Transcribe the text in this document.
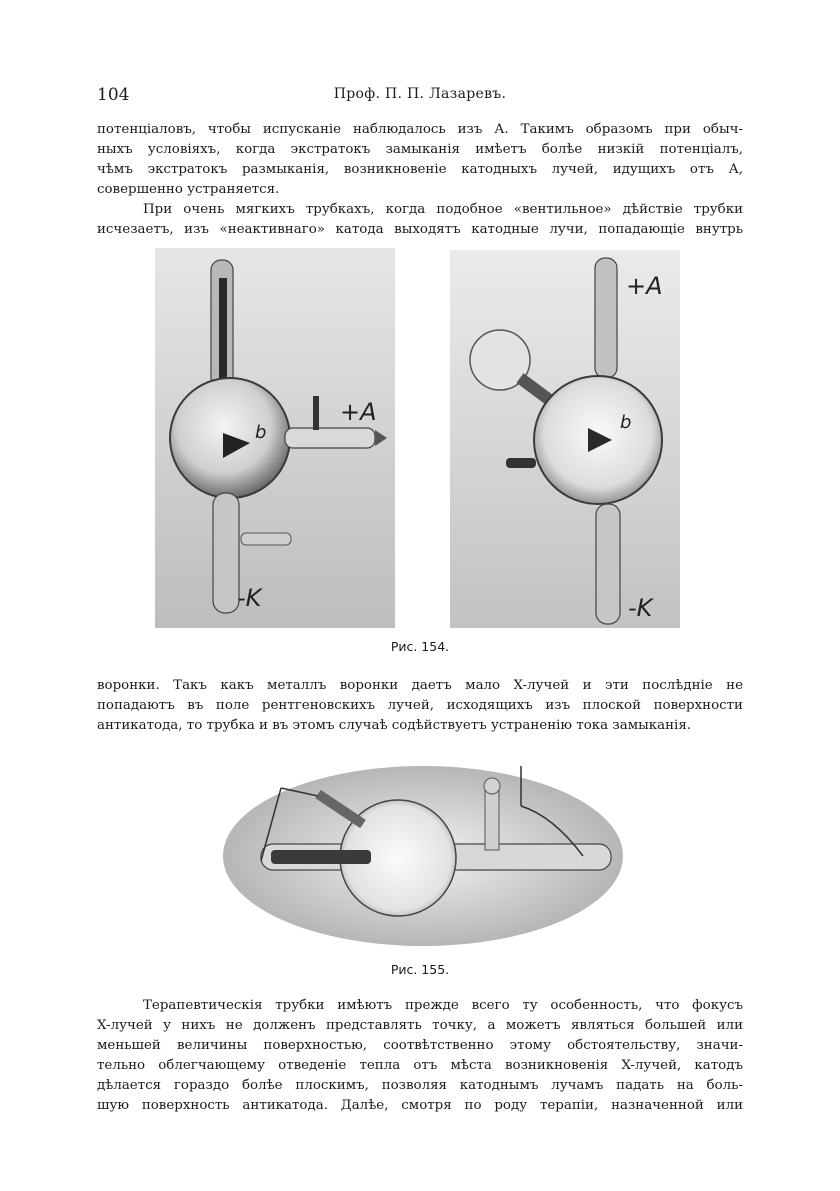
104	Проф. П. П. Лазаревъ.
потенціаловъ, чтобы испусканіе наблюдалось изъ А. Такимъ образомъ при обыч-
ныхъ условіяхъ, когда экстратокъ замыканія имѣетъ болѣе низкій потенціалъ,
чѣмъ экстратокъ размыканія, возникновеніе катодныхъ лучей, идущихъ отъ А,
совершенно устраняется.
При очень мягкихъ трубкахъ, когда подобное «вентильное» дѣйствіе трубки
исчезаетъ, изъ «неактивнаго» катода выходятъ катодные лучи, попадающіе внутрь
b
+A
-K
b
+A
-K
Рис. 154.
воронки. Такъ какъ металлъ воронки даетъ мало X-лучей и эти послѣдніе не
попадаютъ въ поле рентгеновскихъ лучей, исходящихъ изъ плоской поверхности
антикатода, то трубка и въ этомъ случаѣ содѣйствуетъ устраненію тока замыканія.
Рис. 155.
Терапевтическія трубки имѣютъ прежде всего ту особенность, что фокусъ
X-лучей у нихъ не долженъ представлять точку, а можетъ являться большей или
меньшей величины поверхностью, соотвѣтственно этому обстоятельству, значи-
тельно облегчающему отведеніе тепла отъ мѣста возникновенія X-лучей, катодъ
дѣлается гораздо болѣе плоскимъ, позволяя катоднымъ лучамъ падать на боль-
шую поверхность антикатода. Далѣе, смотря по роду терапіи, назначенной или
